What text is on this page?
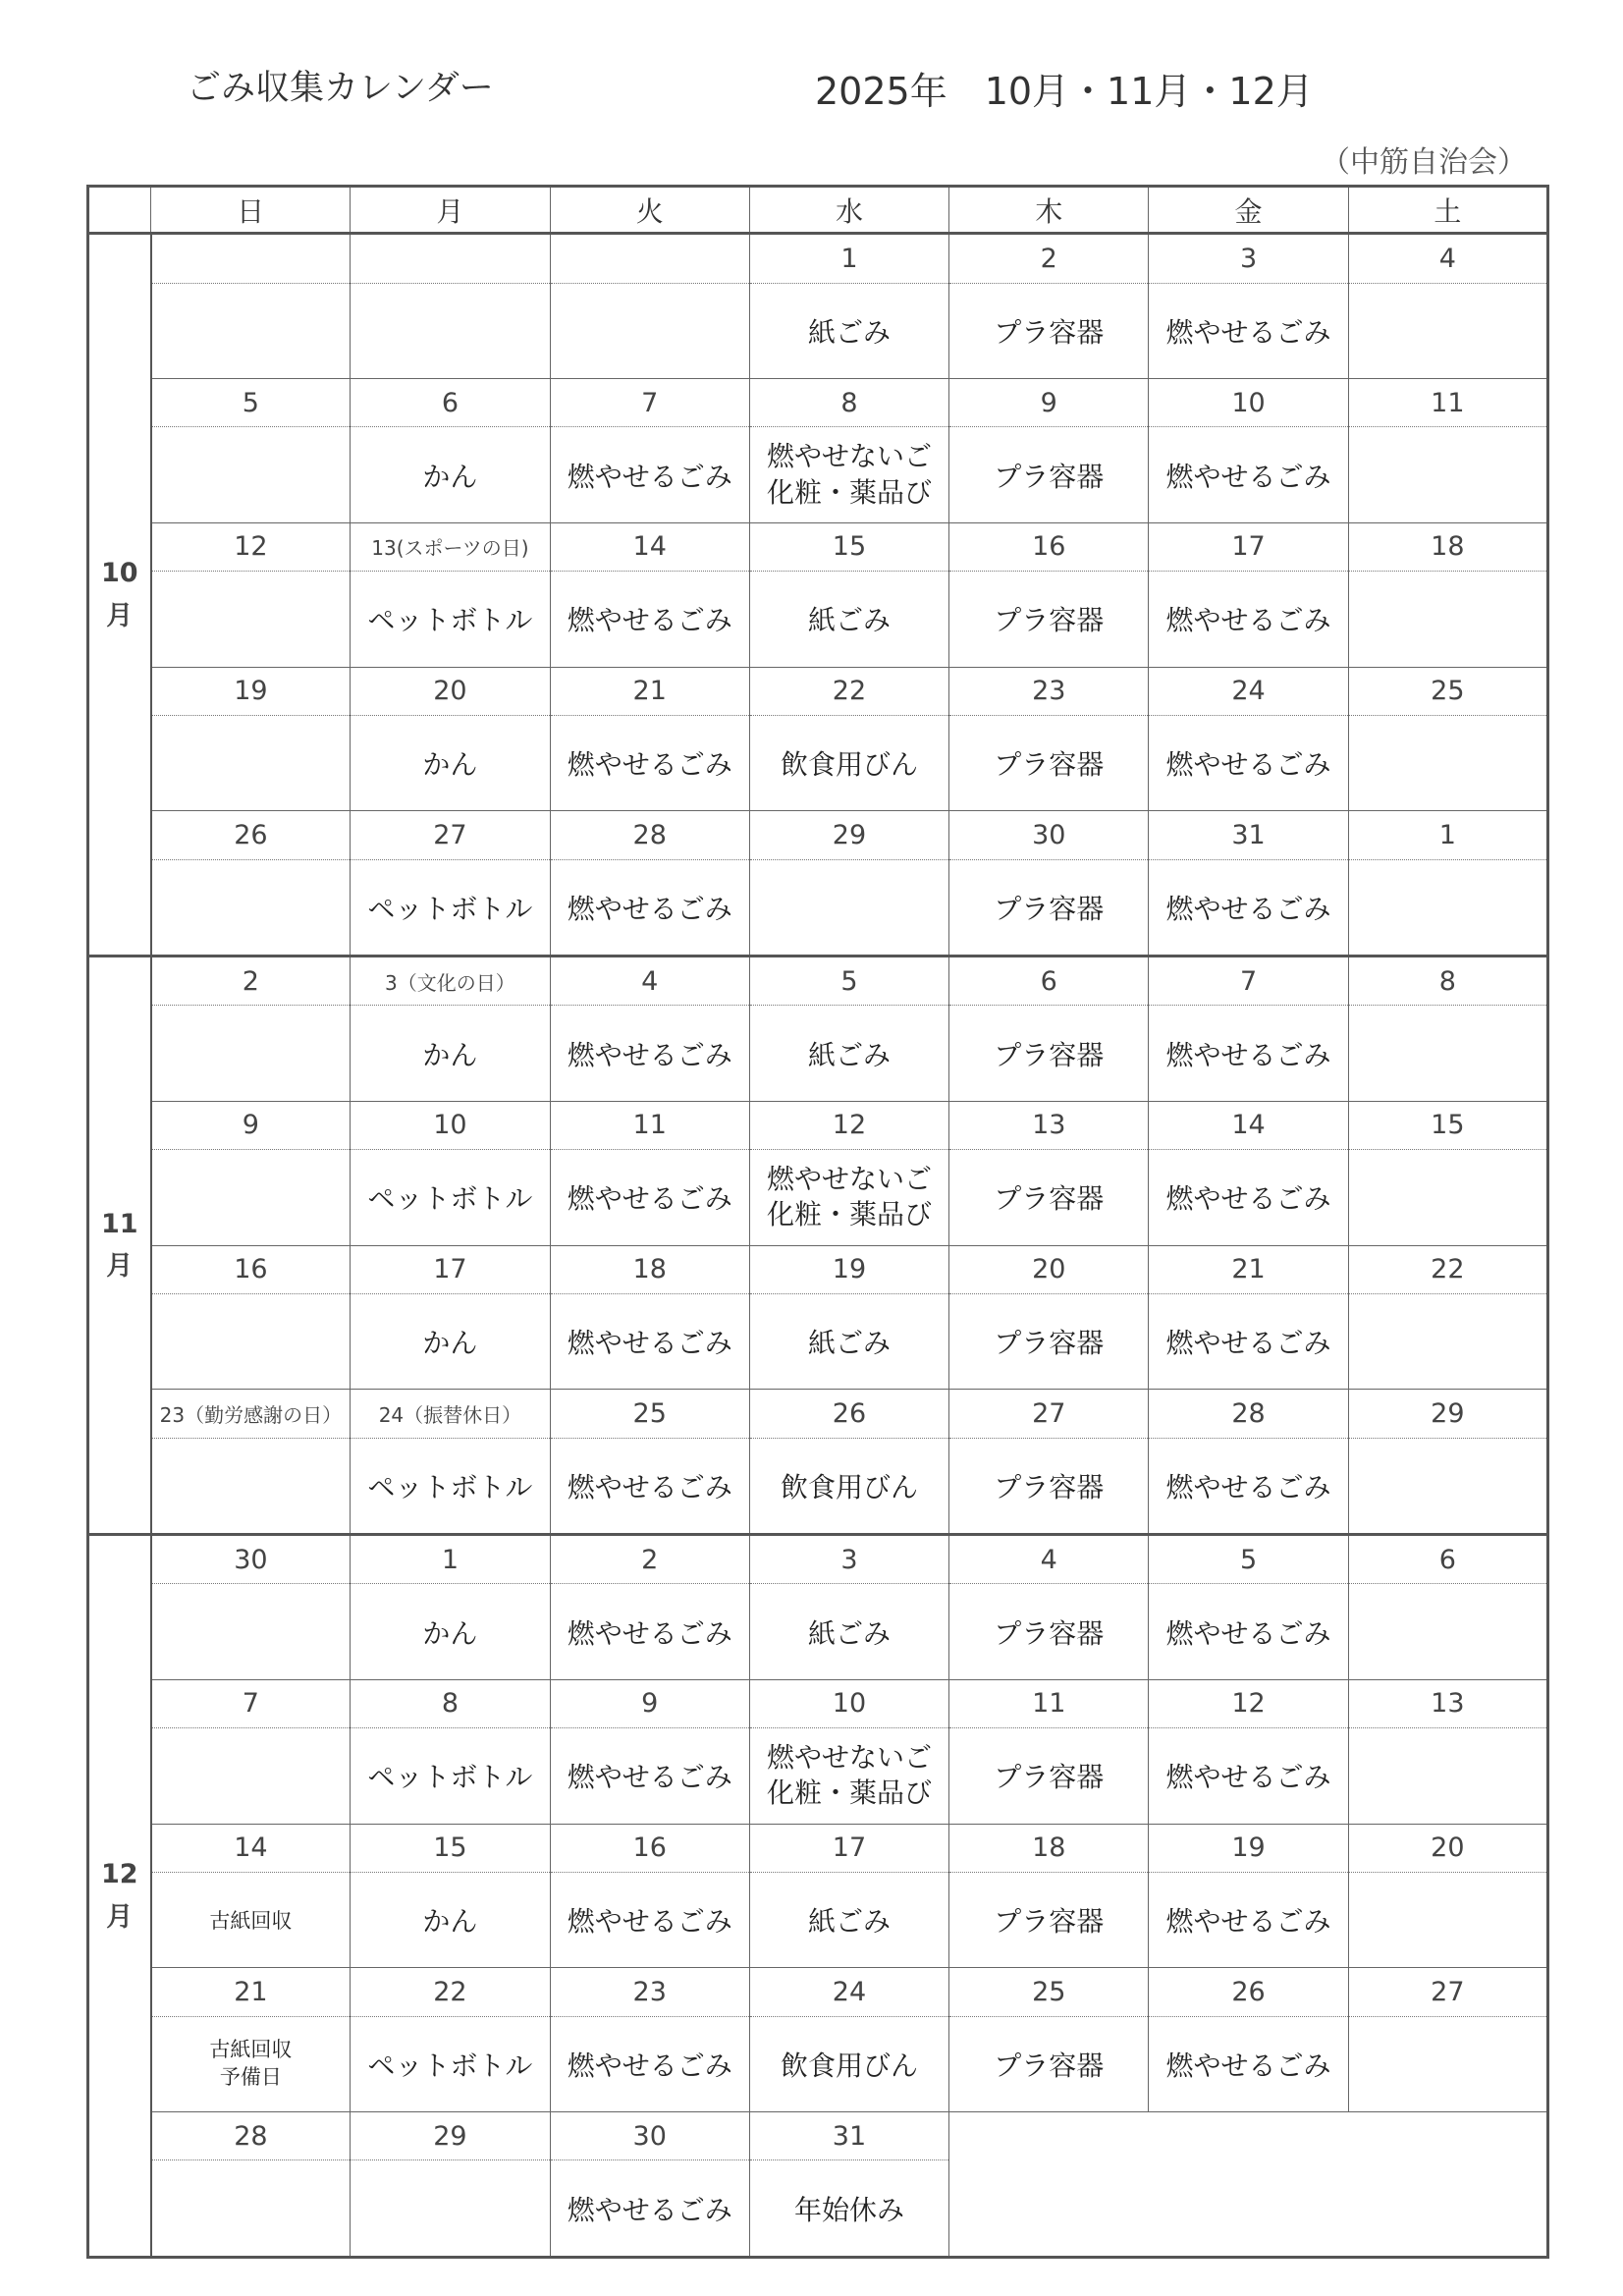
ごみ収集カレンダー	2025年　10月・11月・12月
（中筋自治会）
	日	月	火	水	木	金	土

10
月				1	2	3	4
				紙ごみ	プラ容器	燃やせるごみ	
	5	6	7	8	9	10	11
		かん	燃やせるごみ	燃やせないご
化粧・薬品び	プラ容器	燃やせるごみ	
	12	13(スポーツの日)	14	15	16	17	18
		ペットボトル	燃やせるごみ	紙ごみ	プラ容器	燃やせるごみ	
	19	20	21	22	23	24	25
		かん	燃やせるごみ	飲食用びん	プラ容器	燃やせるごみ	
	26	27	28	29	30	31	1
		ペットボトル	燃やせるごみ		プラ容器	燃やせるごみ	

11
月	2	3（文化の日）	4	5	6	7	8
		かん	燃やせるごみ	紙ごみ	プラ容器	燃やせるごみ	
	9	10	11	12	13	14	15
		ペットボトル	燃やせるごみ	燃やせないご
化粧・薬品び	プラ容器	燃やせるごみ	
	16	17	18	19	20	21	22
		かん	燃やせるごみ	紙ごみ	プラ容器	燃やせるごみ	
	23（勤労感謝の日）	24（振替休日）	25	26	27	28	29
		ペットボトル	燃やせるごみ	飲食用びん	プラ容器	燃やせるごみ	

12
月	30	1	2	3	4	5	6
		かん	燃やせるごみ	紙ごみ	プラ容器	燃やせるごみ	
	7	8	9	10	11	12	13
		ペットボトル	燃やせるごみ	燃やせないご
化粧・薬品び	プラ容器	燃やせるごみ	
	14	15	16	17	18	19	20
	古紙回収	かん	燃やせるごみ	紙ごみ	プラ容器	燃やせるごみ	
	21	22	23	24	25	26	27

	古紙回収
予備日	ペットボトル	燃やせるごみ	飲食用びん	プラ容器	燃やせるごみ	
	28	29	30	31			
			燃やせるごみ	年始休み			
